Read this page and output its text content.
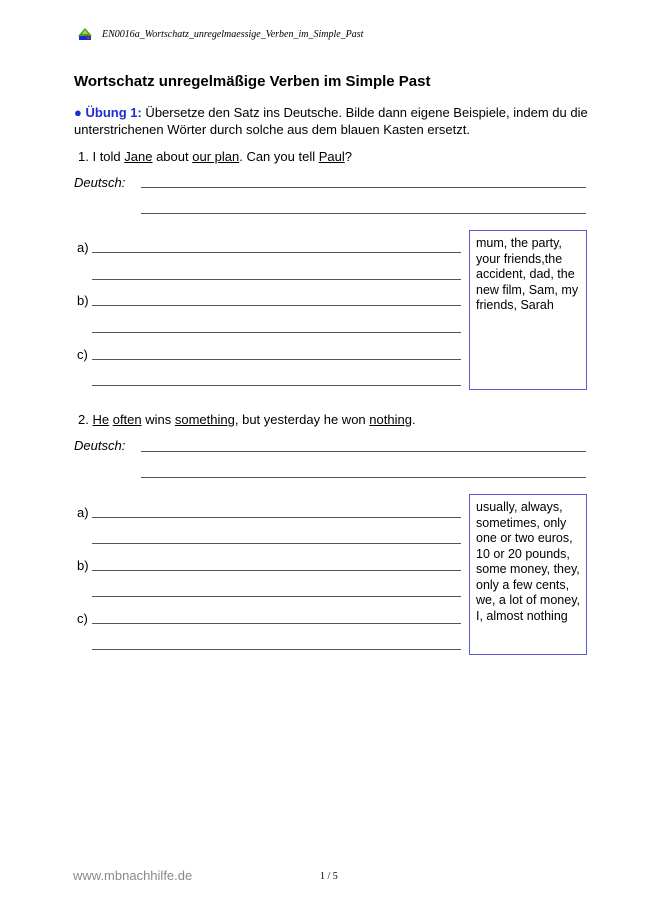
EN0016a_Wortschatz_unregelmaessige_Verben_im_Simple_Past
Wortschatz unregelmäßige Verben im Simple Past
● Übung 1: Übersetze den Satz ins Deutsche. Bilde dann eigene Beispiele, indem du die unterstrichenen Wörter durch solche aus dem blauen Kasten ersetzt.
1. I told Jane about our plan. Can you tell Paul?
Deutsch:
a)
b)
c)
mum, the party, your friends,the accident, dad, the new film, Sam, my friends, Sarah
2. He often wins something, but yesterday he won nothing.
Deutsch:
a)
b)
c)
usually, always, sometimes, only one or two euros, 10 or 20 pounds, some money, they, only a few cents, we, a lot of money, I, almost nothing
www.mbnachhilfe.de	1 / 5
